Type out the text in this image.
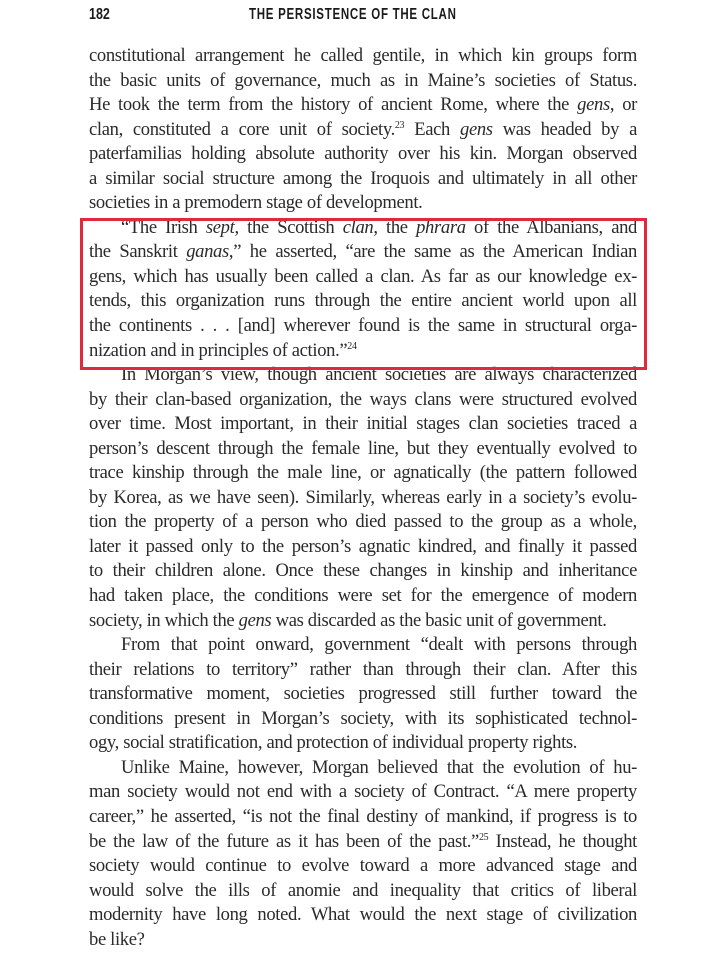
182	THE PERSISTENCE OF THE CLAN
constitutional arrangement he called gentile, in which kin groups form
the basic units of governance, much as in Maine’s societies of Status.
He took the term from the history of ancient Rome, where the gens, or
clan, constituted a core unit of society.$^{23}$ Each gens was headed by a
paterfamilias holding absolute authority over his kin. Morgan observed
a similar social structure among the Iroquois and ultimately in all other
societies in a premodern stage of development.
“The Irish sept, the Scottish clan, the phrara of the Albanians, and
the Sanskrit ganas,” he asserted, “are the same as the American Indian
gens, which has usually been called a clan. As far as our knowledge ex-
tends, this organization runs through the entire ancient world upon all
the continents . . . [and] wherever found is the same in structural orga-
nization and in principles of action.”$^{24}$
In Morgan’s view, though ancient societies are always characterized
by their clan-based organization, the ways clans were structured evolved
over time. Most important, in their initial stages clan societies traced a
person’s descent through the female line, but they eventually evolved to
trace kinship through the male line, or agnatically (the pattern followed
by Korea, as we have seen). Similarly, whereas early in a society’s evolu-
tion the property of a person who died passed to the group as a whole,
later it passed only to the person’s agnatic kindred, and finally it passed
to their children alone. Once these changes in kinship and inheritance
had taken place, the conditions were set for the emergence of modern
society, in which the gens was discarded as the basic unit of government.
From that point onward, government “dealt with persons through
their relations to territory” rather than through their clan. After this
transformative moment, societies progressed still further toward the
conditions present in Morgan’s society, with its sophisticated technol-
ogy, social stratification, and protection of individual property rights.
Unlike Maine, however, Morgan believed that the evolution of hu-
man society would not end with a society of Contract. “A mere property
career,” he asserted, “is not the final destiny of mankind, if progress is to
be the law of the future as it has been of the past.”$^{25}$ Instead, he thought
society would continue to evolve toward a more advanced stage and
would solve the ills of anomie and inequality that critics of liberal
modernity have long noted. What would the next stage of civilization
be like?
